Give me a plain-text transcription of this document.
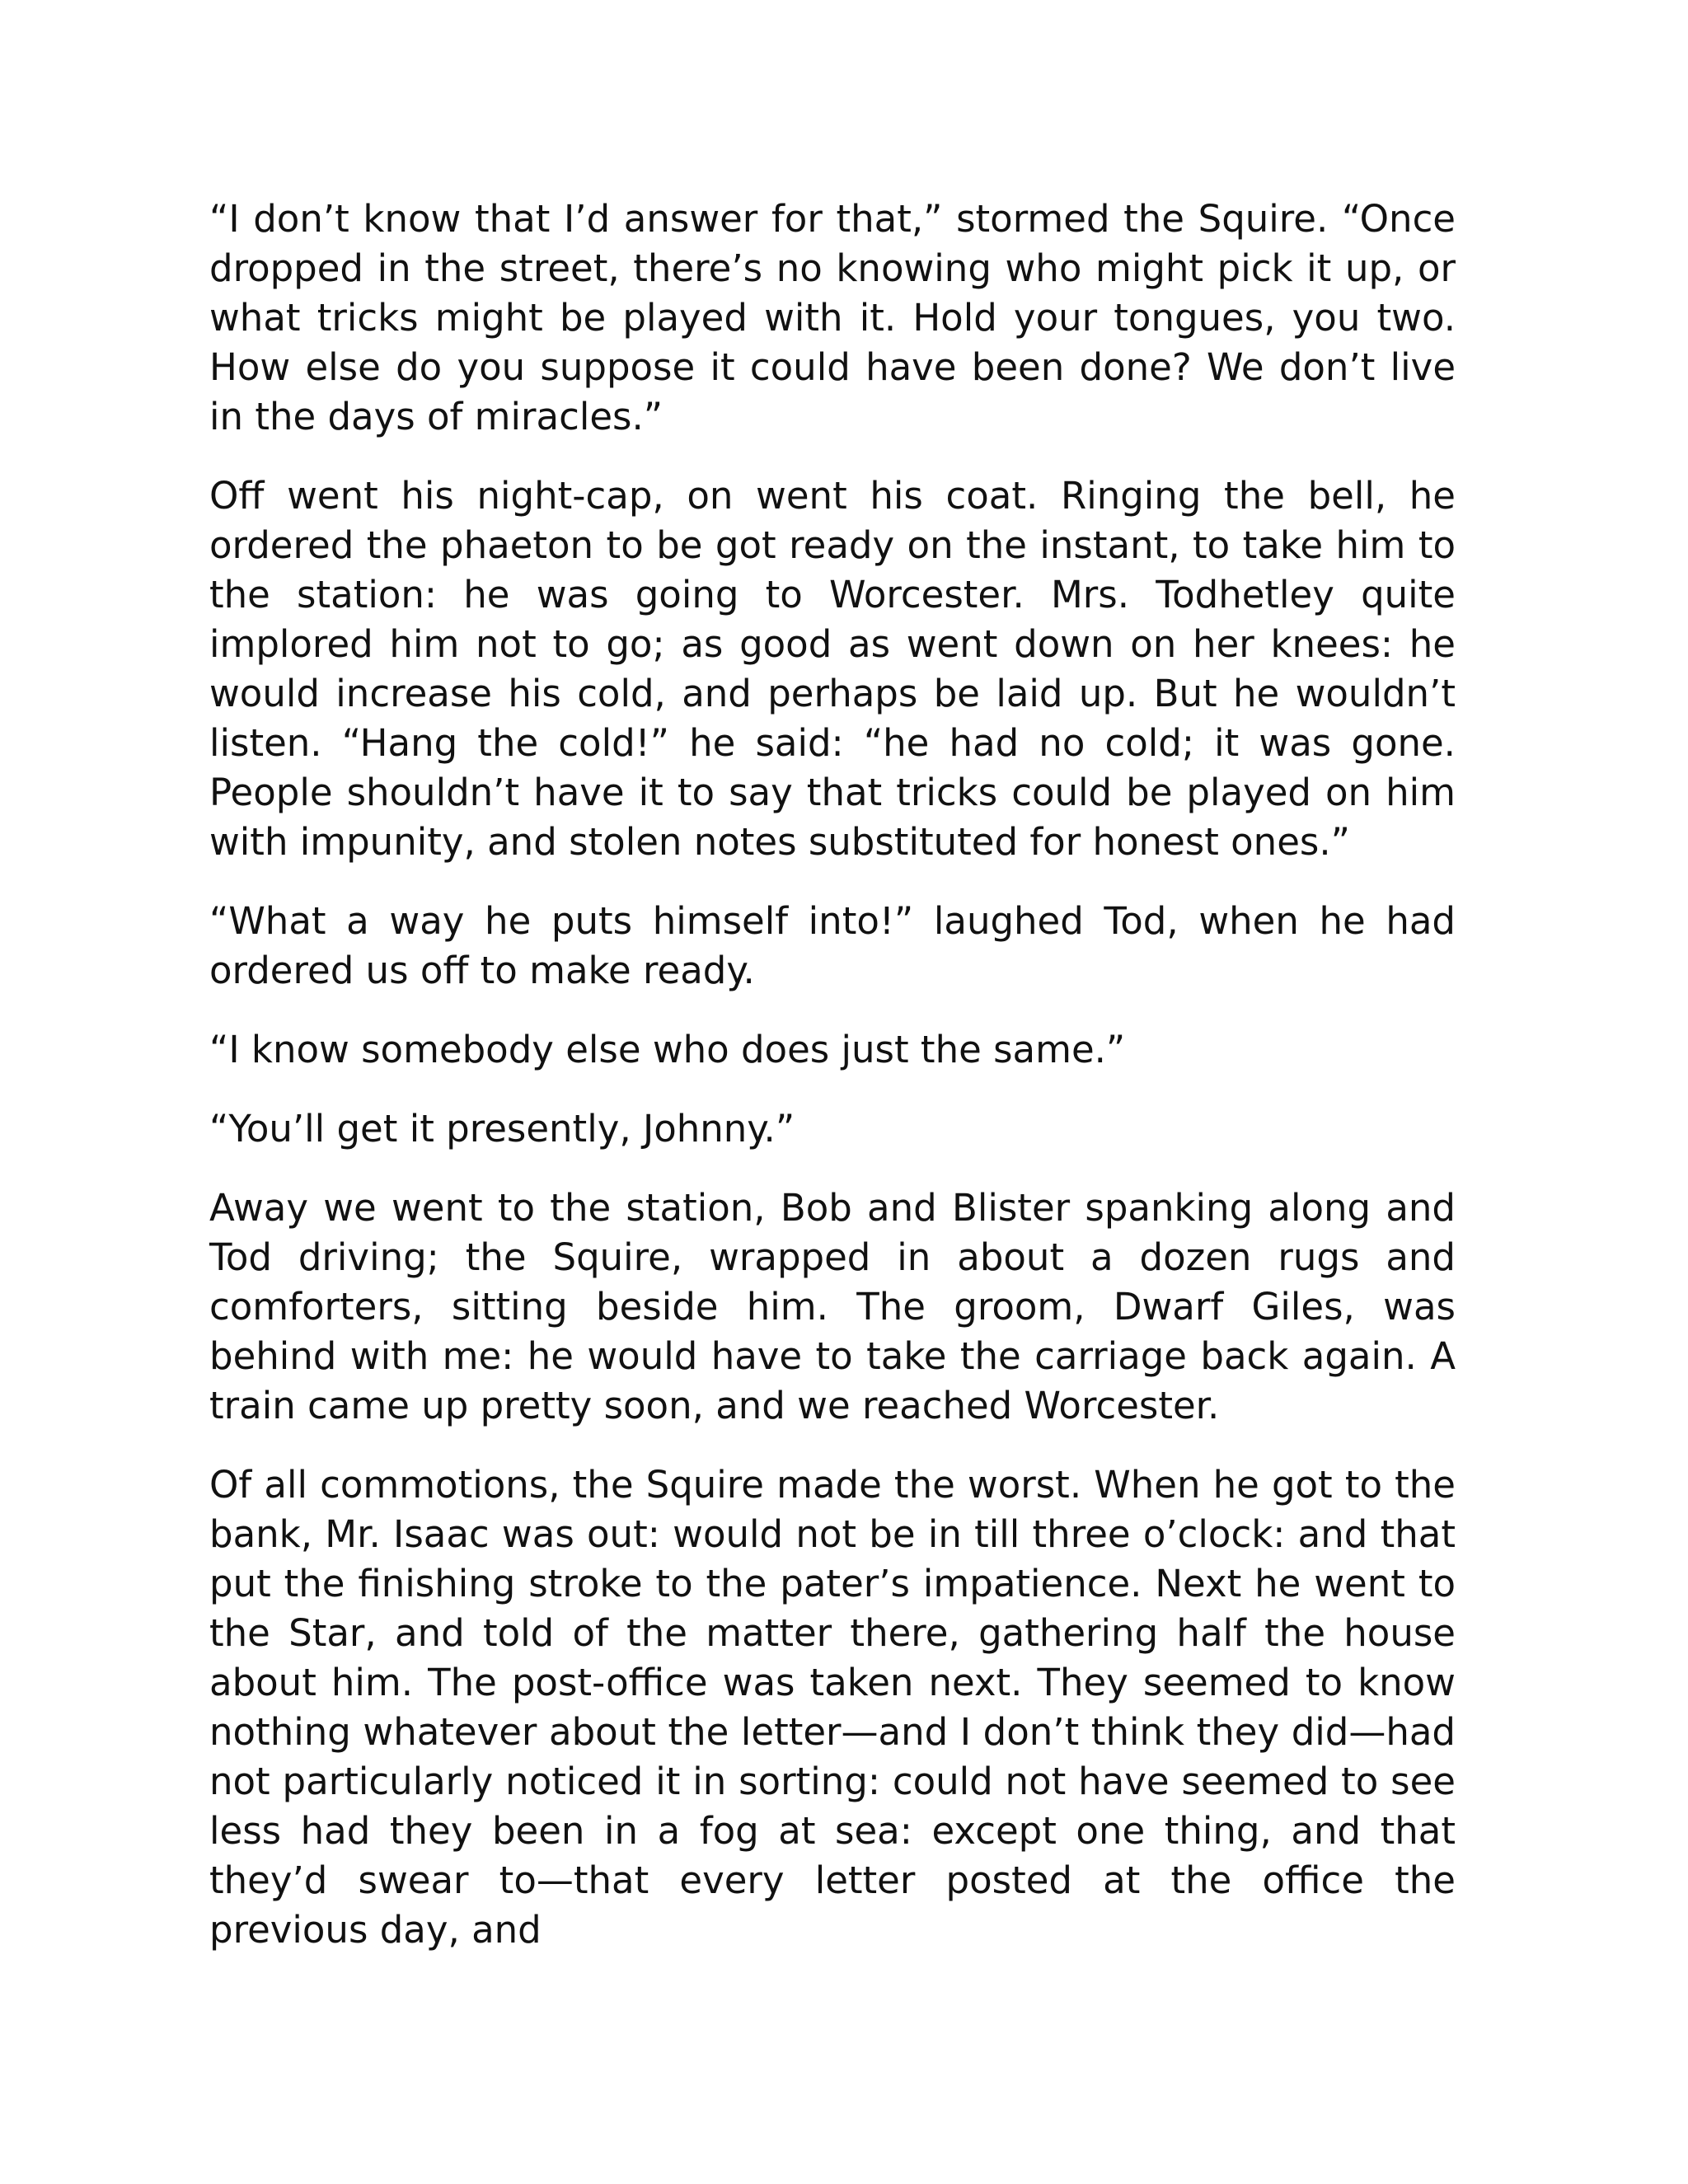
“I don’t know that I’d answer for that,” stormed the Squire. “Once dropped in the street, there’s no knowing who might pick it up, or what tricks might be played with it. Hold your tongues, you two. How else do you suppose it could have been done? We don’t live in the days of miracles.”

Off went his night-cap, on went his coat. Ringing the bell, he ordered the phaeton to be got ready on the instant, to take him to the station: he was going to Worcester. Mrs. Todhetley quite implored him not to go; as good as went down on her knees: he would increase his cold, and perhaps be laid up. But he wouldn’t listen. “Hang the cold!” he said: “he had no cold; it was gone. People shouldn’t have it to say that tricks could be played on him with impunity, and stolen notes substituted for honest ones.”

“What a way he puts himself into!” laughed Tod, when he had ordered us off to make ready.

“I know somebody else who does just the same.”

“You’ll get it presently, Johnny.”

Away we went to the station, Bob and Blister spanking along and Tod driving; the Squire, wrapped in about a dozen rugs and comforters, sitting beside him. The groom, Dwarf Giles, was behind with me: he would have to take the carriage back again. A train came up pretty soon, and we reached Worcester.

Of all commotions, the Squire made the worst. When he got to the bank, Mr. Isaac was out: would not be in till three o’clock: and that put the finishing stroke to the pater’s impatience. Next he went to the Star, and told of the matter there, gathering half the house about him. The post-office was taken next. They seemed to know nothing whatever about the letter—and I don’t think they did—had not particularly noticed it in sorting: could not have seemed to see less had they been in a fog at sea: except one thing, and that they’d swear to—that every letter posted at the office the previous day, and
